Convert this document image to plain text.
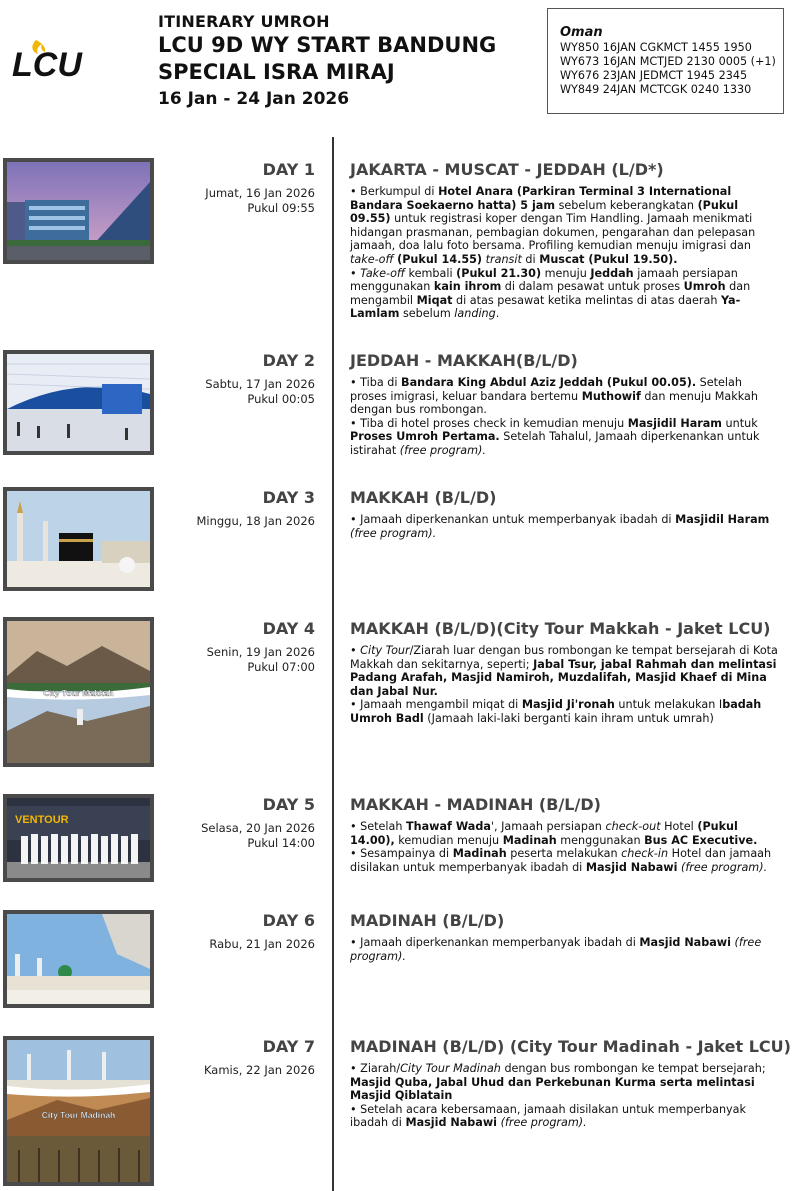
LCU
ITINERARY UMROH
LCU 9D WY START BANDUNG
SPECIAL ISRA MIRAJ
16 Jan - 24 Jan 2026
Oman
WY850 16JAN CGKMCT 1455 1950
WY673 16JAN MCTJED 2130 0005 (+1)
WY676 23JAN JEDMCT 1945 2345
WY849 24JAN MCTCGK 0240 1330
DAY 1
Jumat, 16 Jan 2026
Pukul 09:55
JAKARTA - MUSCAT - JEDDAH (L/D*)

• Berkumpul di Hotel Anara (Parkiran Terminal 3 International Bandara Soekaerno hatta) 5 jam sebelum keberangkatan (Pukul 09.55) untuk registrasi koper dengan Tim Handling. Jamaah menikmati hidangan prasmanan, pembagian dokumen, pengarahan dan pelepasan jamaah, doa lalu foto bersama. Profiling kemudian menuju imigrasi dan take-off (Pukul 14.55) transit di Muscat (Pukul 19.50).

• Take-off kembali (Pukul 21.30) menuju Jeddah jamaah persiapan menggunakan kain ihrom di dalam pesawat untuk proses Umroh dan mengambil Miqat di atas pesawat ketika melintas di atas daerah Ya-Lamlam sebelum landing.

DAY 2
Sabtu, 17 Jan 2026
Pukul 00:05
JEDDAH - MAKKAH(B/L/D)

• Tiba di Bandara King Abdul Aziz Jeddah (Pukul 00.05). Setelah proses imigrasi, keluar bandara bertemu Muthowif dan menuju Makkah dengan bus rombongan.

• Tiba di hotel proses check in kemudian menuju Masjidil Haram untuk Proses Umroh Pertama. Setelah Tahalul, Jamaah diperkenankan untuk istirahat (free program).

DAY 3
Minggu, 18 Jan 2026
MAKKAH (B/L/D)

• Jamaah diperkenankan untuk memperbanyak ibadah di Masjidil Haram (free program).

City Tour Makkah
DAY 4
Senin, 19 Jan 2026
Pukul 07:00
MAKKAH (B/L/D)(City Tour Makkah - Jaket LCU)

• City Tour/Ziarah luar dengan bus rombongan ke tempat bersejarah di Kota Makkah dan sekitarnya, seperti; Jabal Tsur, jabal Rahmah dan melintasi Padang Arafah, Masjid Namiroh, Muzdalifah, Masjid Khaef di Mina dan Jabal Nur.

• Jamaah mengambil miqat di Masjid Ji'ronah untuk melakukan Ibadah Umroh Badl (Jamaah laki-laki berganti kain ihram untuk umrah)

VENTOUR
DAY 5
Selasa, 20 Jan 2026
Pukul 14:00
MAKKAH - MADINAH (B/L/D)

• Setelah Thawaf Wada', Jamaah persiapan check-out Hotel (Pukul 14.00), kemudian menuju Madinah menggunakan Bus AC Executive.

• Sesampainya di Madinah peserta melakukan check-in Hotel dan jamaah disilakan untuk memperbanyak ibadah di Masjid Nabawi (free program).

DAY 6
Rabu, 21 Jan 2026
MADINAH (B/L/D)

• Jamaah diperkenankan memperbanyak ibadah di Masjid Nabawi (free program).

City Tour Madinah
DAY 7
Kamis, 22 Jan 2026
MADINAH (B/L/D) (City Tour Madinah - Jaket LCU)

• Ziarah/City Tour Madinah dengan bus rombongan ke tempat bersejarah; Masjid Quba, Jabal Uhud dan Perkebunan Kurma serta melintasi Masjid Qiblatain

• Setelah acara kebersamaan, jamaah disilakan untuk memperbanyak ibadah di Masjid Nabawi (free program).
